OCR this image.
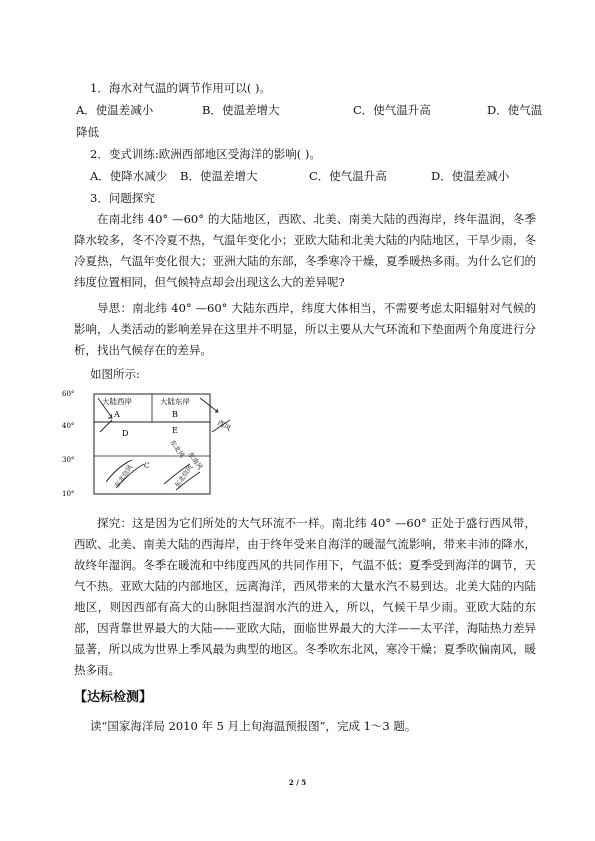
1．海水对气温的调节作用可以( )。
A．使温差减小	B．使温差增大	C．使气温升高	D．使气温
降低
2．变式训练:欧洲西部地区受海洋的影响( )。
A．使降水减少 B．使温差增大	C．使气温升高	D．使温差减小
3．问题探究
在南北纬 40° —60° 的大陆地区，西欧、北美、南美大陆的西海岸，终年温润，冬季降水较多，冬不冷夏不热，气温年变化小；亚欧大陆和北美大陆的内陆地区，干旱少雨，冬冷夏热，气温年变化很大；亚洲大陆的东部，冬季寒冷干燥，夏季暖热多雨。为什么它们的纬度位置相同，但气候特点却会出现这么大的差异呢?
导思：南北纬 40° —60° 大陆东西岸，纬度大体相当，不需要考虑太阳辐射对气候的影响，人类活动的影响差异在这里并不明显，所以主要从大气环流和下垫面两个角度进行分析，找出气候存在的差异。
如图所示:
60°
40°
30°
10°
大陆西岸	大陆东岸
A	B
D	E	西风
东北风
东南风
东北信风	东北信风
C
探究：这是因为它们所处的大气环流不一样。南北纬 40° —60° 正处于盛行西风带，西欧、北美、南美大陆的西海岸，由于终年受来自海洋的暖湿气流影响，带来丰沛的降水，故终年湿润。冬季在暖流和中纬度西风的共同作用下，气温不低；夏季受到海洋的调节，天气不热。亚欧大陆的内部地区，远离海洋，西风带来的大量水汽不易到达。北美大陆的内陆地区，则因西部有高大的山脉阻挡湿润水汽的进入，所以，气候干旱少雨。亚欧大陆的东部，因背靠世界最大的大陆——亚欧大陆，面临世界最大的大洋——太平洋，海陆热力差异显著，所以成为世界上季风最为典型的地区。冬季吹东北风，寒冷干燥；夏季吹偏南风，暖热多雨。
【达标检测】
读“国家海洋局 2010 年 5 月上旬海温预报图”，完成 1～3 题。
2 / 5
